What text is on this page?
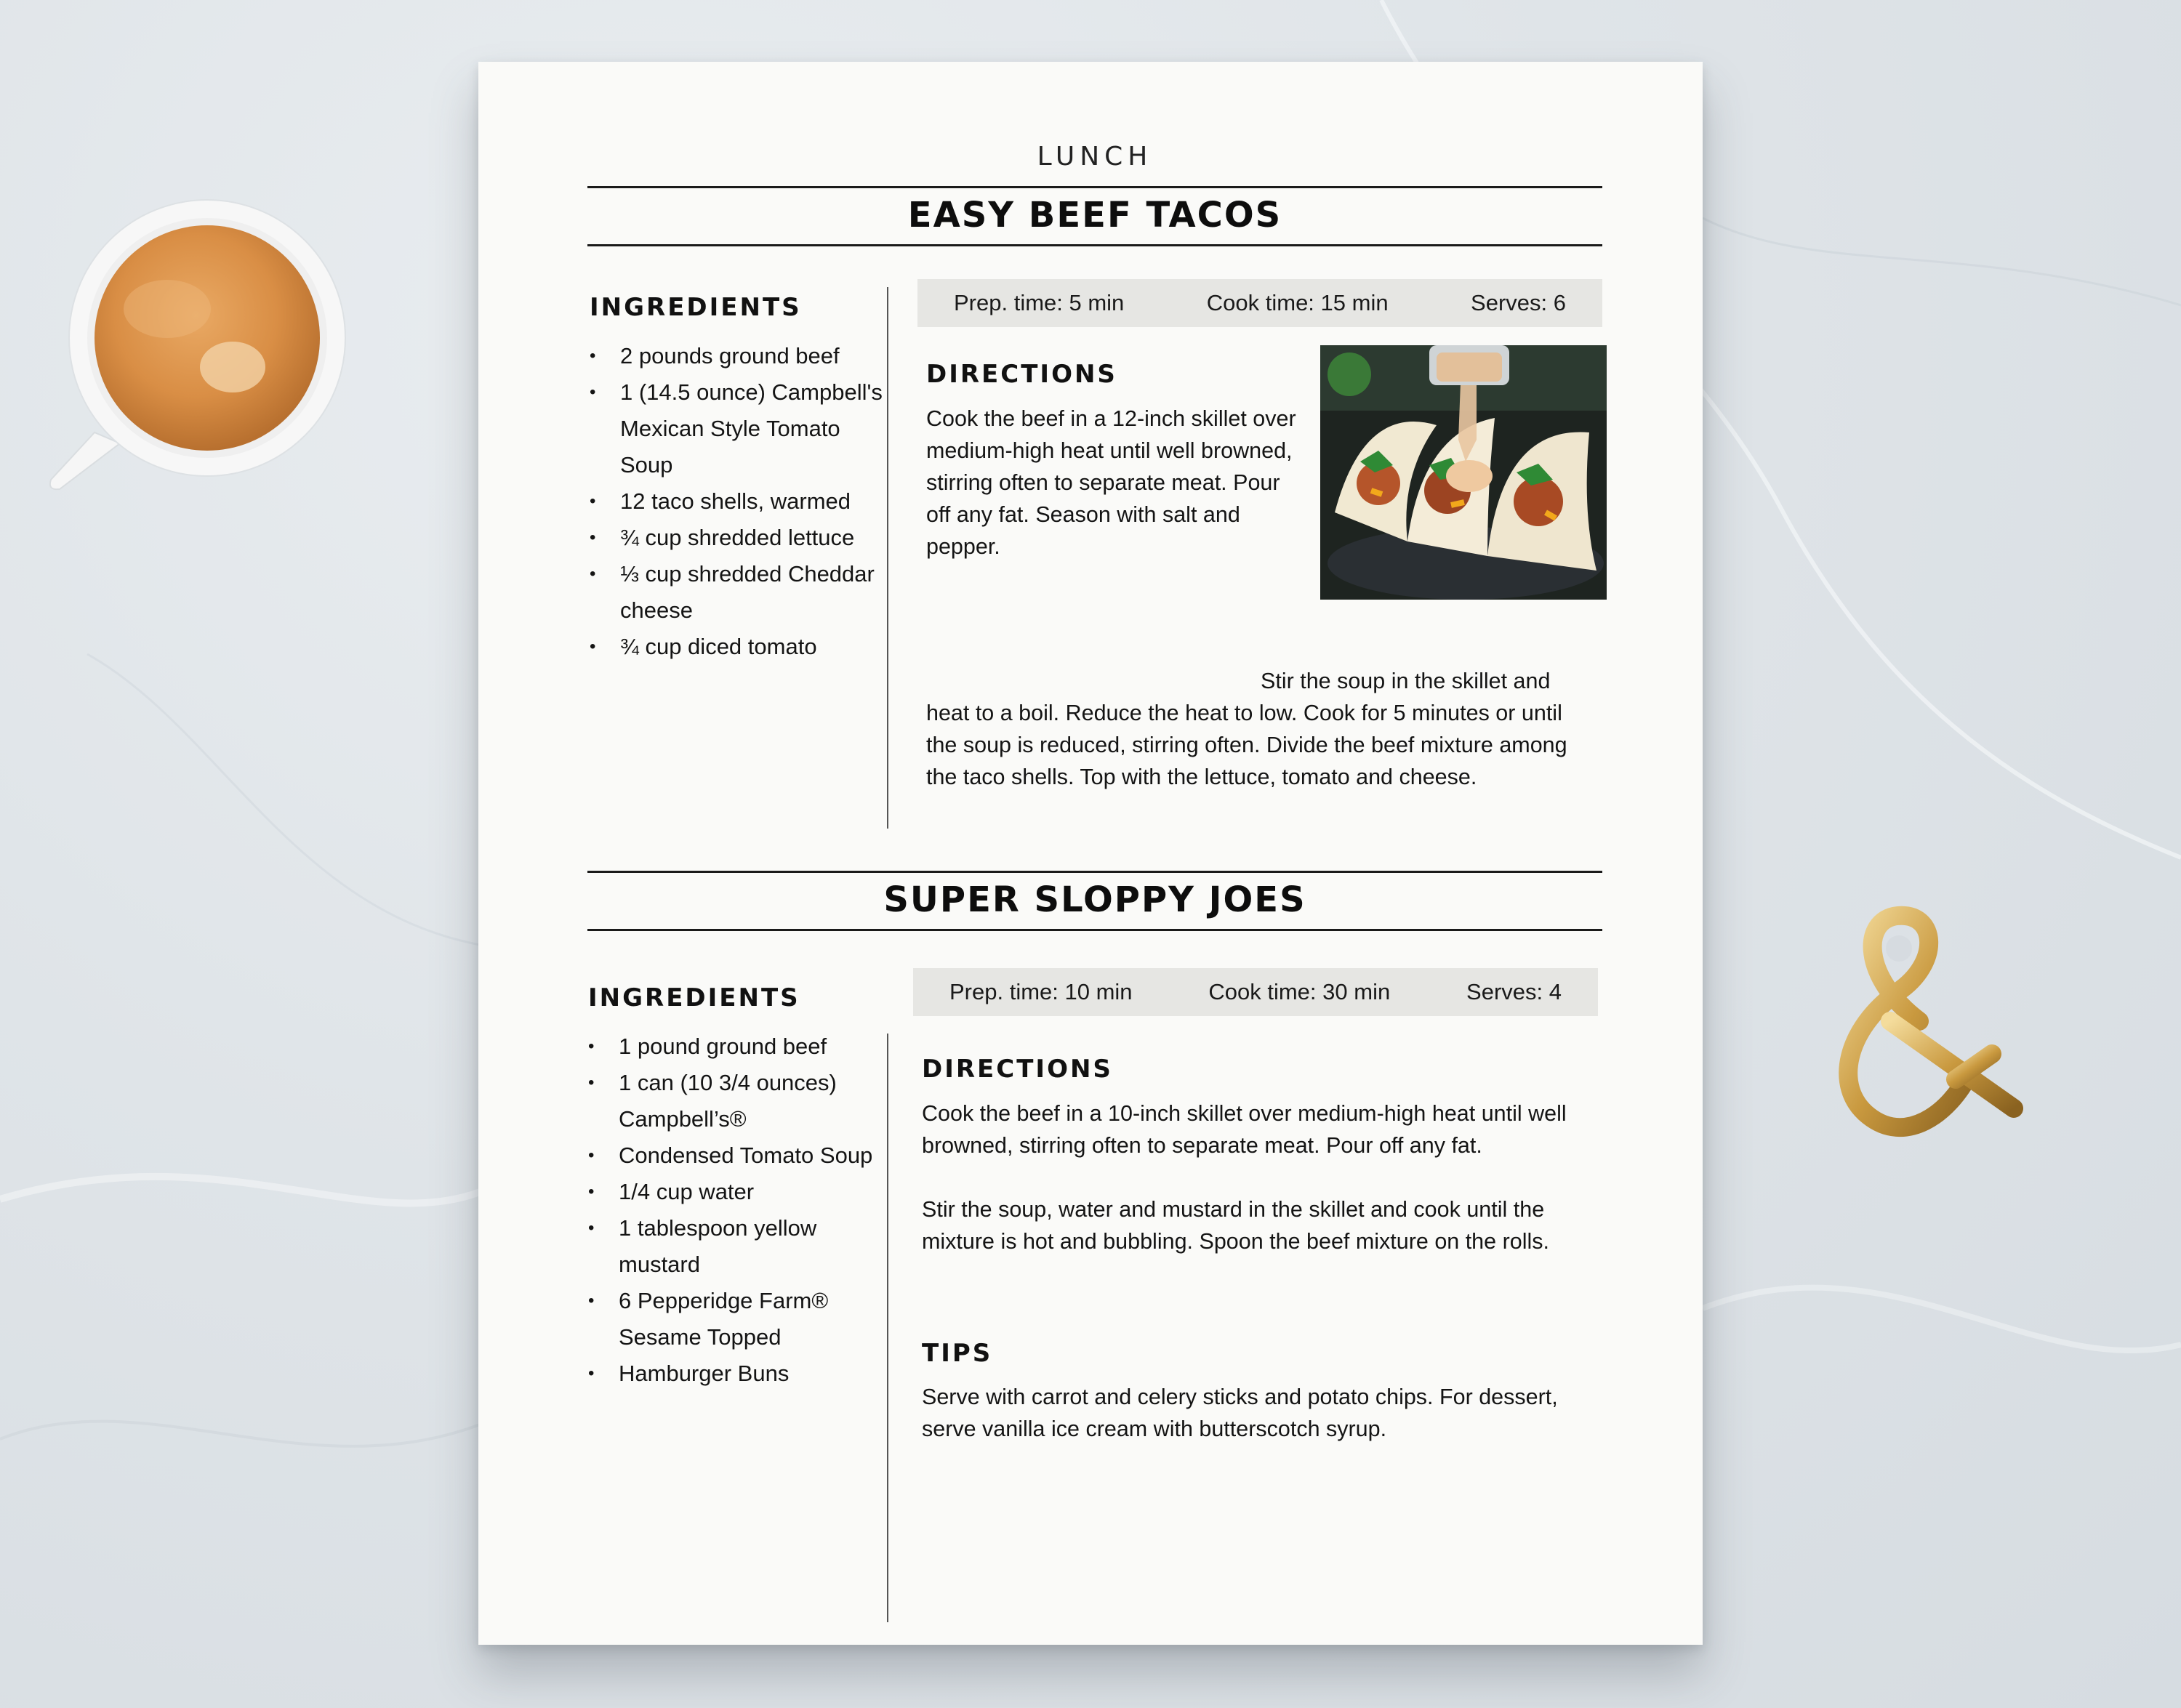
LUNCH
EASY BEEF TACOS
INGREDIENTS
• 2 pounds ground beef
• 1 (14.5 ounce) Campbell's Mexican Style Tomato Soup
• 12 taco shells, warmed
• ¾ cup shredded lettuce
• ⅓ cup shredded Cheddar cheese
• ¾ cup diced tomato
Prep. time: 5 min	Cook time: 15 min	Serves: 6
DIRECTIONS

Cook the beef in a 12-inch skillet over medium-high heat until well browned, stirring often to separate meat. Pour off any fat. Season with salt and pepper.

Stir the soup in the skillet and heat to a boil. Reduce the heat to low. Cook for 5 minutes or until the soup is reduced, stirring often. Divide the beef mixture among the taco shells. Top with the lettuce, tomato and cheese.

SUPER SLOPPY JOES
INGREDIENTS
• 1 pound ground beef
• 1 can (10 3/4 ounces) Campbell’s®
• Condensed Tomato Soup
• 1/4 cup water
• 1 tablespoon yellow mustard
• 6 Pepperidge Farm® Sesame Topped
• Hamburger Buns
Prep. time: 10 min	Cook time: 30 min	Serves: 4
DIRECTIONS

Cook the beef in a 10-inch skillet over medium-high heat until well browned, stirring often to separate meat. Pour off any fat.

Stir the soup, water and mustard in the skillet and cook until the mixture is hot and bubbling. Spoon the beef mixture on the rolls.

TIPS

Serve with carrot and celery sticks and potato chips. For dessert, serve vanilla ice cream with butterscotch syrup.
